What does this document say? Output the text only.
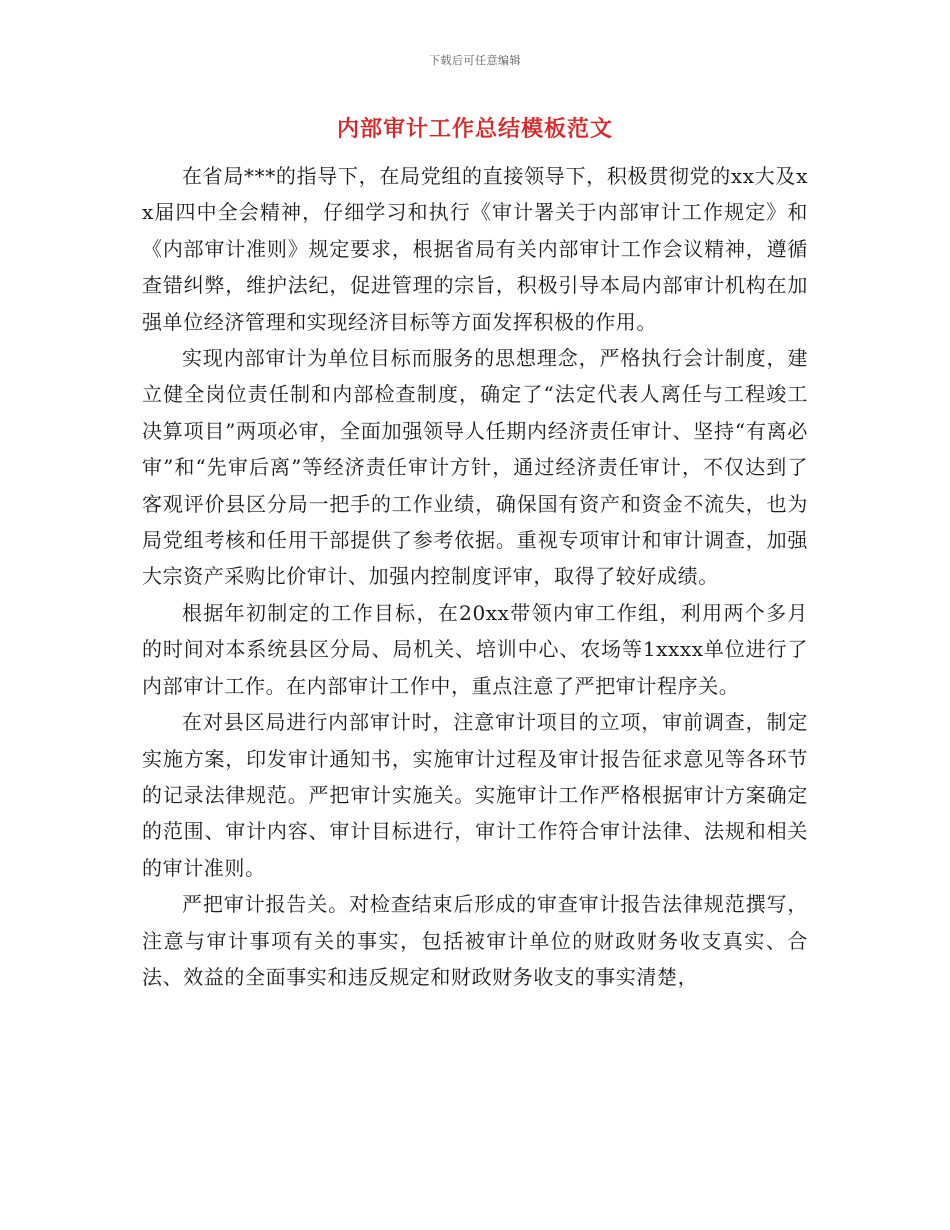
下载后可任意编辑
内部审计工作总结模板范文

在省局***的指导下，在局党组的直接领导下，积极贯彻党的xx大及xx届四中全会精神，仔细学习和执行《审计署关于内部审计工作规定》和《内部审计准则》规定要求，根据省局有关内部审计工作会议精神，遵循查错纠弊，维护法纪，促进管理的宗旨，积极引导本局内部审计机构在加强单位经济管理和实现经济目标等方面发挥积极的作用。

实现内部审计为单位目标而服务的思想理念，严格执行会计制度，建立健全岗位责任制和内部检查制度，确定了“法定代表人离任与工程竣工决算项目”两项必审，全面加强领导人任期内经济责任审计、坚持“有离必审”和“先审后离”等经济责任审计方针，通过经济责任审计，不仅达到了客观评价县区分局一把手的工作业绩，确保国有资产和资金不流失，也为局党组考核和任用干部提供了参考依据。重视专项审计和审计调查，加强大宗资产采购比价审计、加强内控制度评审，取得了较好成绩。

根据年初制定的工作目标，在20xx带领内审工作组，利用两个多月的时间对本系统县区分局、局机关、培训中心、农场等1xxxx单位进行了内部审计工作。在内部审计工作中，重点注意了严把审计程序关。

在对县区局进行内部审计时，注意审计项目的立项，审前调查，制定实施方案，印发审计通知书，实施审计过程及审计报告征求意见等各环节的记录法律规范。严把审计实施关。实施审计工作严格根据审计方案确定的范围、审计内容、审计目标进行，审计工作符合审计法律、法规和相关的审计准则。

严把审计报告关。对检查结束后形成的审查审计报告法律规范撰写，注意与审计事项有关的事实，包括被审计单位的财政财务收支真实、合法、效益的全面事实和违反规定和财政财务收支的事实清楚，
